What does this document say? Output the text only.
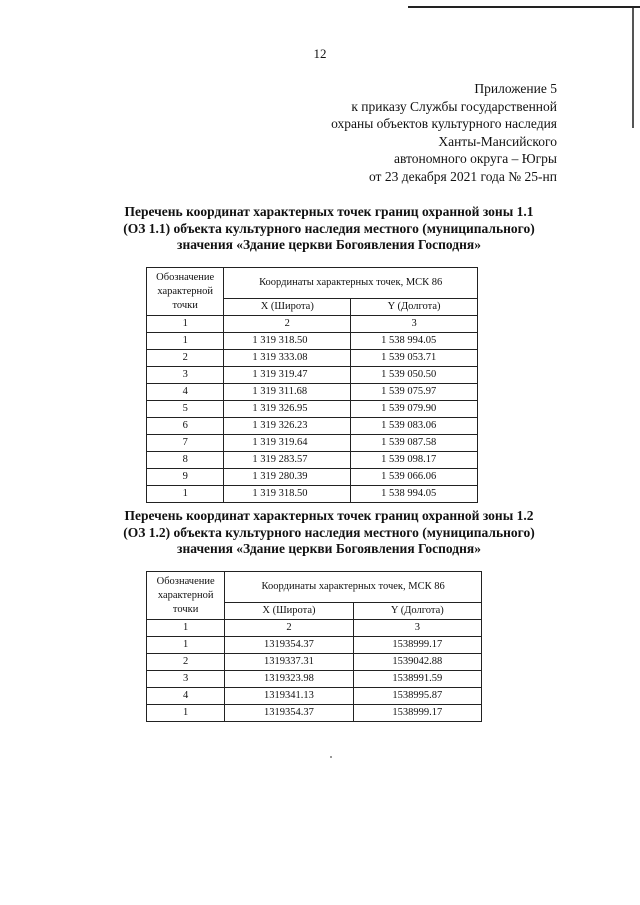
12
Приложение 5
к приказу Службы государственной
охраны объектов культурного наследия
Ханты-Мансийского
автономного округа – Югры
от 23 декабря 2021 года № 25-нп
Перечень координат характерных точек границ охранной зоны 1.1
(ОЗ 1.1) объекта культурного наследия местного (муниципального)
значения «Здание церкви Богоявления Господня»
Обозначение
характерной
точки	Координаты характерных точек, МСК 86	
	X (Широта)	Y (Долгота)
1	2	3
1	1 319 318.50	1 538 994.05
2	1 319 333.08	1 539 053.71
3	1 319 319.47	1 539 050.50
4	1 319 311.68	1 539 075.97
5	1 319 326.95	1 539 079.90
6	1 319 326.23	1 539 083.06
7	1 319 319.64	1 539 087.58
8	1 319 283.57	1 539 098.17
9	1 319 280.39	1 539 066.06
1	1 319 318.50	1 538 994.05
Перечень координат характерных точек границ охранной зоны 1.2
(ОЗ 1.2) объекта культурного наследия местного (муниципального)
значения «Здание церкви Богоявления Господня»
Обозначение
характерной
точки	Координаты характерных точек, МСК 86	
	X (Широта)	Y (Долгота)
1	2	3
1	1319354.37	1538999.17
2	1319337.31	1539042.88
3	1319323.98	1538991.59
4	1319341.13	1538995.87
1	1319354.37	1538999.17
